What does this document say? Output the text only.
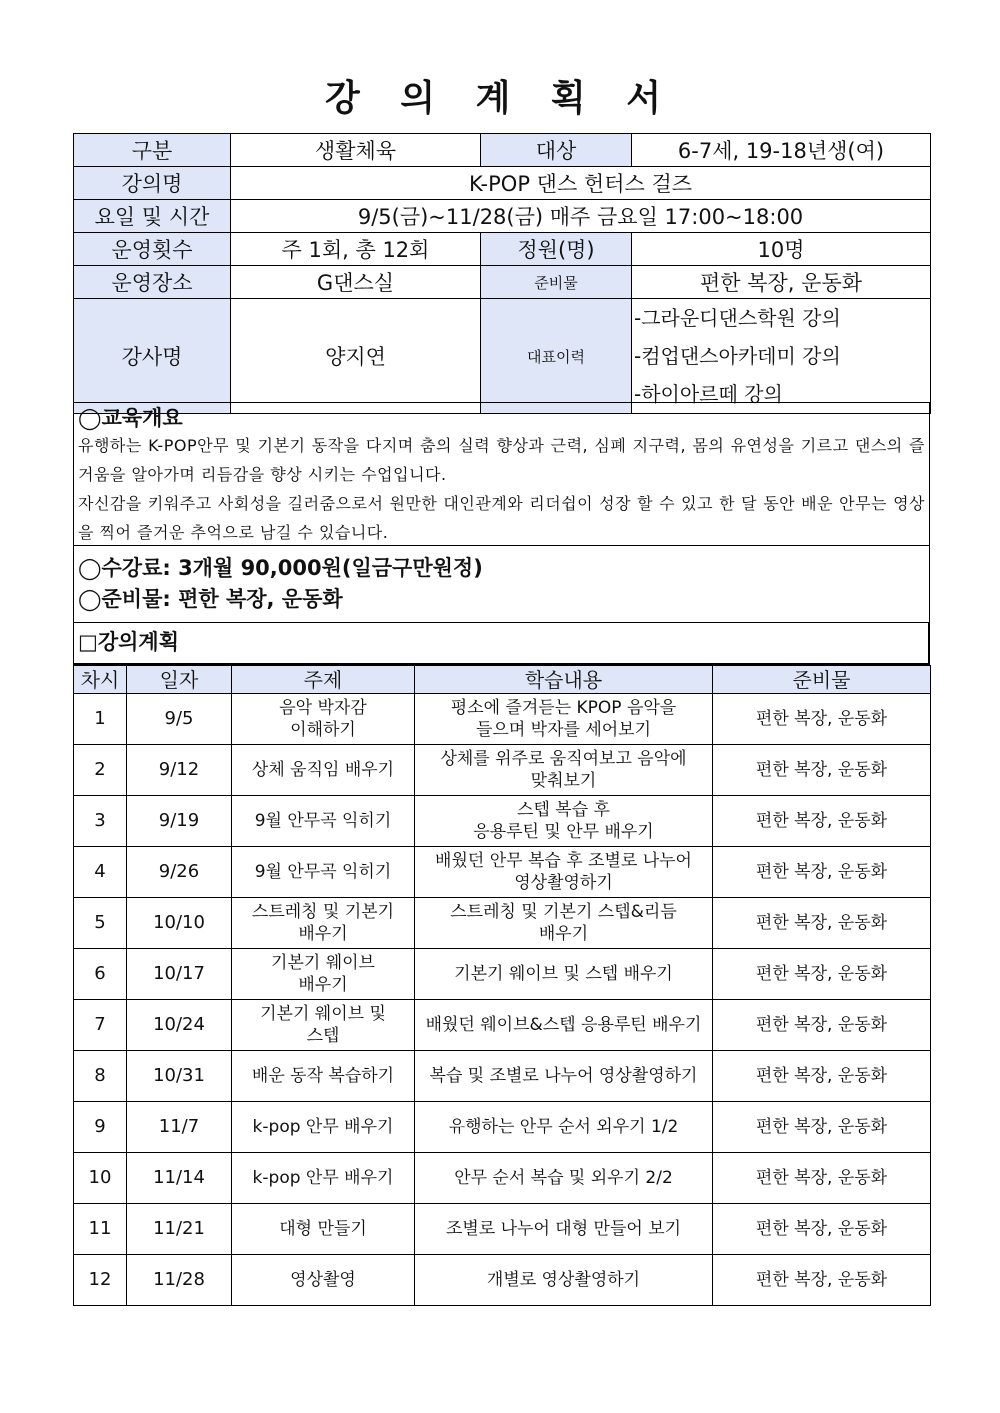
강 의 계 획 서
구분	생활체육	대상	6-7세, 19-18년생(여)
강의명	K-POP 댄스 헌터스 걸즈		
요일 및 시간	9/5(금)~11/28(금) 매주 금요일 17:00~18:00		
운영횟수	주 1회, 총 12회	정원(명)	10명
운영장소	G댄스실	준비물	편한 복장, 운동화
강사명	양지연	대표이력	-그라운디댄스학원 강의
-컴업댄스아카데미 강의
-하이아르떼 강의
◯교육개요

유행하는 K-POP안무 및 기본기 동작을 다지며 춤의 실력 향상과 근력, 심폐 지구력, 몸의 유연성을 기르고 댄스의 즐거움을 알아가며 리듬감을 향상 시키는 수업입니다.

자신감을 키워주고 사회성을 길러줌으로서 원만한 대인관계와 리더쉽이 성장 할 수 있고 한 달 동안 배운 안무는 영상을 찍어 즐거운 추억으로 남길 수 있습니다.

◯수강료: 3개월 90,000원(일금구만원정)
◯준비물: 편한 복장, 운동화
□강의계획
차시	일자	주제	학습내용	준비물
1	9/5	음악 박자감
이해하기	평소에 즐겨듣는 KPOP 음악을
들으며 박자를 세어보기	편한 복장, 운동화
2	9/12	상체 움직임 배우기	상체를 위주로 움직여보고 음악에
맞춰보기	편한 복장, 운동화
3	9/19	9월 안무곡 익히기	스텝 복습 후
응용루틴 및 안무 배우기	편한 복장, 운동화
4	9/26	9월 안무곡 익히기	배웠던 안무 복습 후 조별로 나누어
영상촬영하기	편한 복장, 운동화
5	10/10	스트레칭 및 기본기
배우기	스트레칭 및 기본기 스텝&리듬
배우기	편한 복장, 운동화
6	10/17	기본기 웨이브
배우기	기본기 웨이브 및 스텝 배우기	편한 복장, 운동화
7	10/24	기본기 웨이브 및
스텝	배웠던 웨이브&스텝 응용루틴 배우기	편한 복장, 운동화
8	10/31	배운 동작 복습하기	복습 및 조별로 나누어 영상촬영하기	편한 복장, 운동화
9	11/7	k-pop 안무 배우기	유행하는 안무 순서 외우기 1/2	편한 복장, 운동화
10	11/14	k-pop 안무 배우기	안무 순서 복습 및 외우기 2/2	편한 복장, 운동화
11	11/21	대형 만들기	조별로 나누어 대형 만들어 보기	편한 복장, 운동화
12	11/28	영상촬영	개별로 영상촬영하기	편한 복장, 운동화
